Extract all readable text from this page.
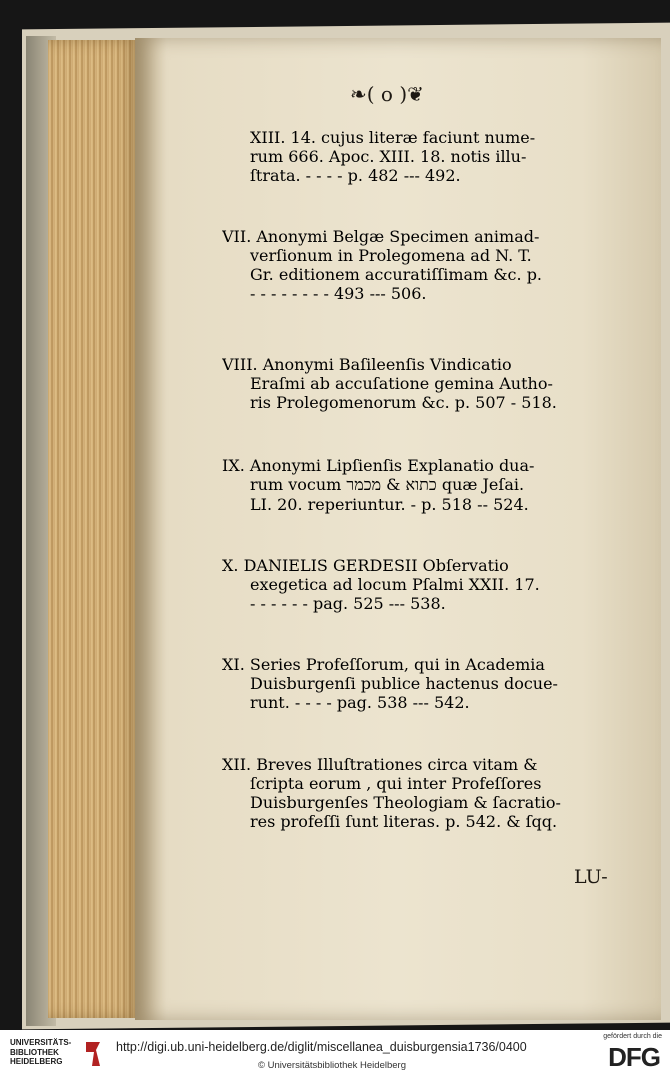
❧( o )❦
XIII. 14. cujus literæ faciunt nume-
rum 666. Apoc. XIII. 18. notis illu-
ſtrata. - - - - p. 482 --- 492.
VII. Anonymi Belgæ Specimen animad-
verſionum in Prolegomena ad N. T.
Gr. editionem accuratiſſimam &c. p.
- - - - - - - - 493 --- 506.
VIII. Anonymi Baſileenſis Vindicatio
Eraſmi ab accuſatione gemina Autho-
ris Prolegomenorum &c. p. 507 - 518.
IX. Anonymi Lipſienſis Explanatio dua-
rum vocum כתוא & מכמר quæ Jeſai.
LI. 20. reperiuntur. - p. 518 -- 524.
X. DANIELIS GERDESII Obſervatio
exegetica ad locum Pſalmi XXII. 17.
- - - - - - pag. 525 --- 538.
XI. Series Profeſſorum, qui in Academia
Duisburgenſi publice hactenus docue-
runt. - - - - pag. 538 --- 542.
XII. Breves Illuſtrationes circa vitam &
ſcripta eorum , qui inter Profeſſores
Duisburgenſes Theologiam & ſacratio-
res profeſſi ſunt literas. p. 542. & ſqq.
LU-
UNIVERSITÄTS-
BIBLIOTHEK
HEIDELBERG
http://digi.ub.uni-heidelberg.de/diglit/miscellanea_duisburgensia1736/0400
© Universitätsbibliothek Heidelberg
gefördert durch die
DFG
